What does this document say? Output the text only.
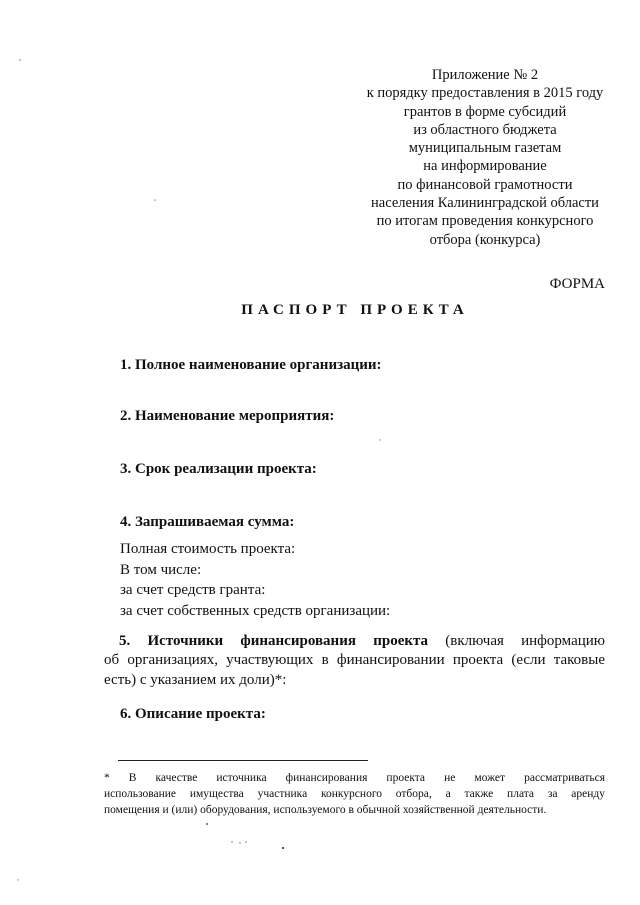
Приложение № 2
к порядку предоставления в 2015 году
грантов в форме субсидий
из областного бюджета
муниципальным газетам
на информирование
по финансовой грамотности
населения Калининградской области
по итогам проведения конкурсного
отбора (конкурса)
ФОРМА
ПАСПОРТ ПРОЕКТА
1. Полное наименование организации:
2. Наименование мероприятия:
3. Срок реализации проекта:
4. Запрашиваемая сумма:
Полная стоимость проекта:
В том числе:
за счет средств гранта:
за счет собственных средств организации:
5. Источники финансирования проекта (включая информацию
об организациях, участвующих в финансировании проекта (если таковые
есть) с указанием их доли)*:
6. Описание проекта:
* В качестве источника финансирования проекта не может рассматриваться
использование имущества участника конкурсного отбора, а также плата за аренду
помещения и (или) оборудования, используемого в обычной хозяйственной деятельности.
